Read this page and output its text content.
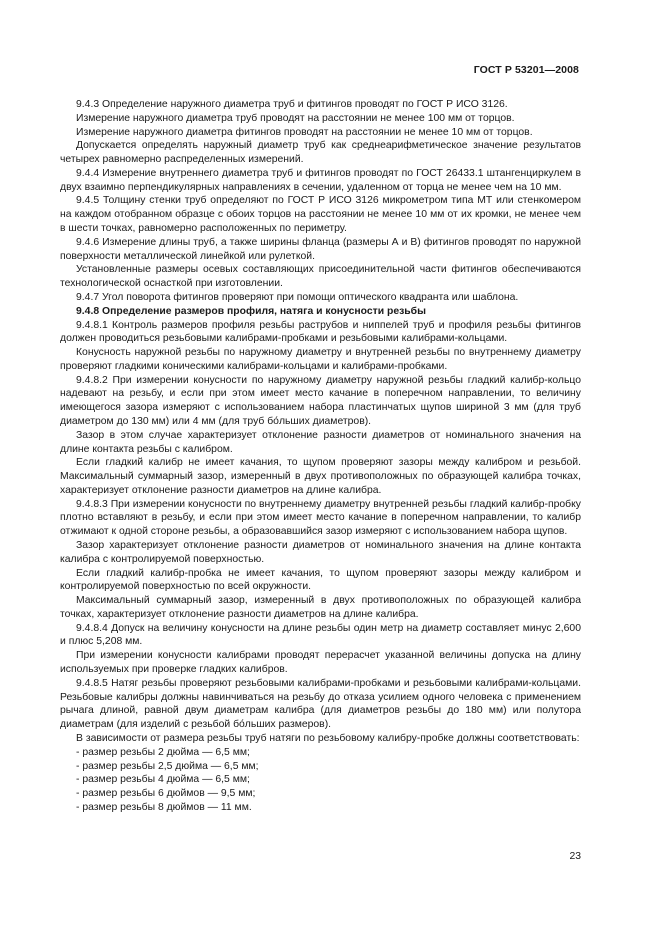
ГОСТ Р 53201—2008

9.4.3 Определение наружного диаметра труб и фитингов проводят по ГОСТ Р ИСО 3126.

Измерение наружного диаметра труб проводят на расстоянии не менее 100 мм от торцов.

Измерение наружного диаметра фитингов проводят на расстоянии не менее 10 мм от торцов.

Допускается определять наружный диаметр труб как среднеарифметическое значение результатов четырех равномерно распределенных измерений.

9.4.4 Измерение внутреннего диаметра труб и фитингов проводят по ГОСТ 26433.1 штангенциркулем в двух взаимно перпендикулярных направлениях в сечении, удаленном от торца не менее чем на 10 мм.

9.4.5 Толщину стенки труб определяют по ГОСТ Р ИСО 3126 микрометром типа МТ или стенкомером на каждом отобранном образце с обоих торцов на расстоянии не менее 10 мм от их кромки, не менее чем в шести точках, равномерно расположенных по периметру.

9.4.6 Измерение длины труб, а также ширины фланца (размеры А и В) фитингов проводят по наружной поверхности металлической линейкой или рулеткой.

Установленные размеры осевых составляющих присоединительной части фитингов обеспечиваются технологической оснасткой при изготовлении.

9.4.7 Угол поворота фитингов проверяют при помощи оптического квадранта или шаблона.

9.4.8 Определение размеров профиля, натяга и конусности резьбы

9.4.8.1 Контроль размеров профиля резьбы раструбов и ниппелей труб и профиля резьбы фитингов должен проводиться резьбовыми калибрами-пробками и резьбовыми калибрами-кольцами.

Конусность наружной резьбы по наружному диаметру и внутренней резьбы по внутреннему диаметру проверяют гладкими коническими калибрами-кольцами и калибрами-пробками.

9.4.8.2 При измерении конусности по наружному диаметру наружной резьбы гладкий калибр-кольцо надевают на резьбу, и если при этом имеет место качание в поперечном направлении, то величину имеющегося зазора измеряют с использованием набора пластинчатых щупов шириной 3 мм (для труб диаметром до 130 мм) или 4 мм (для труб бо́льших диаметров).

Зазор в этом случае характеризует отклонение разности диаметров от номинального значения на длине контакта резьбы с калибром.

Если гладкий калибр не имеет качания, то щупом проверяют зазоры между калибром и резьбой. Максимальный суммарный зазор, измеренный в двух противоположных по образующей калибра точках, характеризует отклонение разности диаметров на длине калибра.

9.4.8.3 При измерении конусности по внутреннему диаметру внутренней резьбы гладкий калибр-пробку плотно вставляют в резьбу, и если при этом имеет место качание в поперечном направлении, то калибр отжимают к одной стороне резьбы, а образовавшийся зазор измеряют с использованием набора щупов.

Зазор характеризует отклонение разности диаметров от номинального значения на длине контакта калибра с контролируемой поверхностью.

Если гладкий калибр-пробка не имеет качания, то щупом проверяют зазоры между калибром и контролируемой поверхностью по всей окружности.

Максимальный суммарный зазор, измеренный в двух противоположных по образующей калибра точках, характеризует отклонение разности диаметров на длине калибра.

9.4.8.4 Допуск на величину конусности на длине резьбы один метр на диаметр составляет минус 2,600 и плюс 5,208 мм.

При измерении конусности калибрами проводят перерасчет указанной величины допуска на длину используемых при проверке гладких калибров.

9.4.8.5 Натяг резьбы проверяют резьбовыми калибрами-пробками и резьбовыми калибрами-кольцами. Резьбовые калибры должны навинчиваться на резьбу до отказа усилием одного человека с применением рычага длиной, равной двум диаметрам калибра (для диаметров резьбы до 180 мм) или полутора диаметрам (для изделий с резьбой бо́льших размеров).

В зависимости от размера резьбы труб натяги по резьбовому калибру-пробке должны соответствовать:

- размер резьбы 2 дюйма — 6,5 мм;

- размер резьбы 2,5 дюйма — 6,5 мм;

- размер резьбы 4 дюйма — 6,5 мм;

- размер резьбы 6 дюймов — 9,5 мм;

- размер резьбы 8 дюймов — 11 мм.

23
